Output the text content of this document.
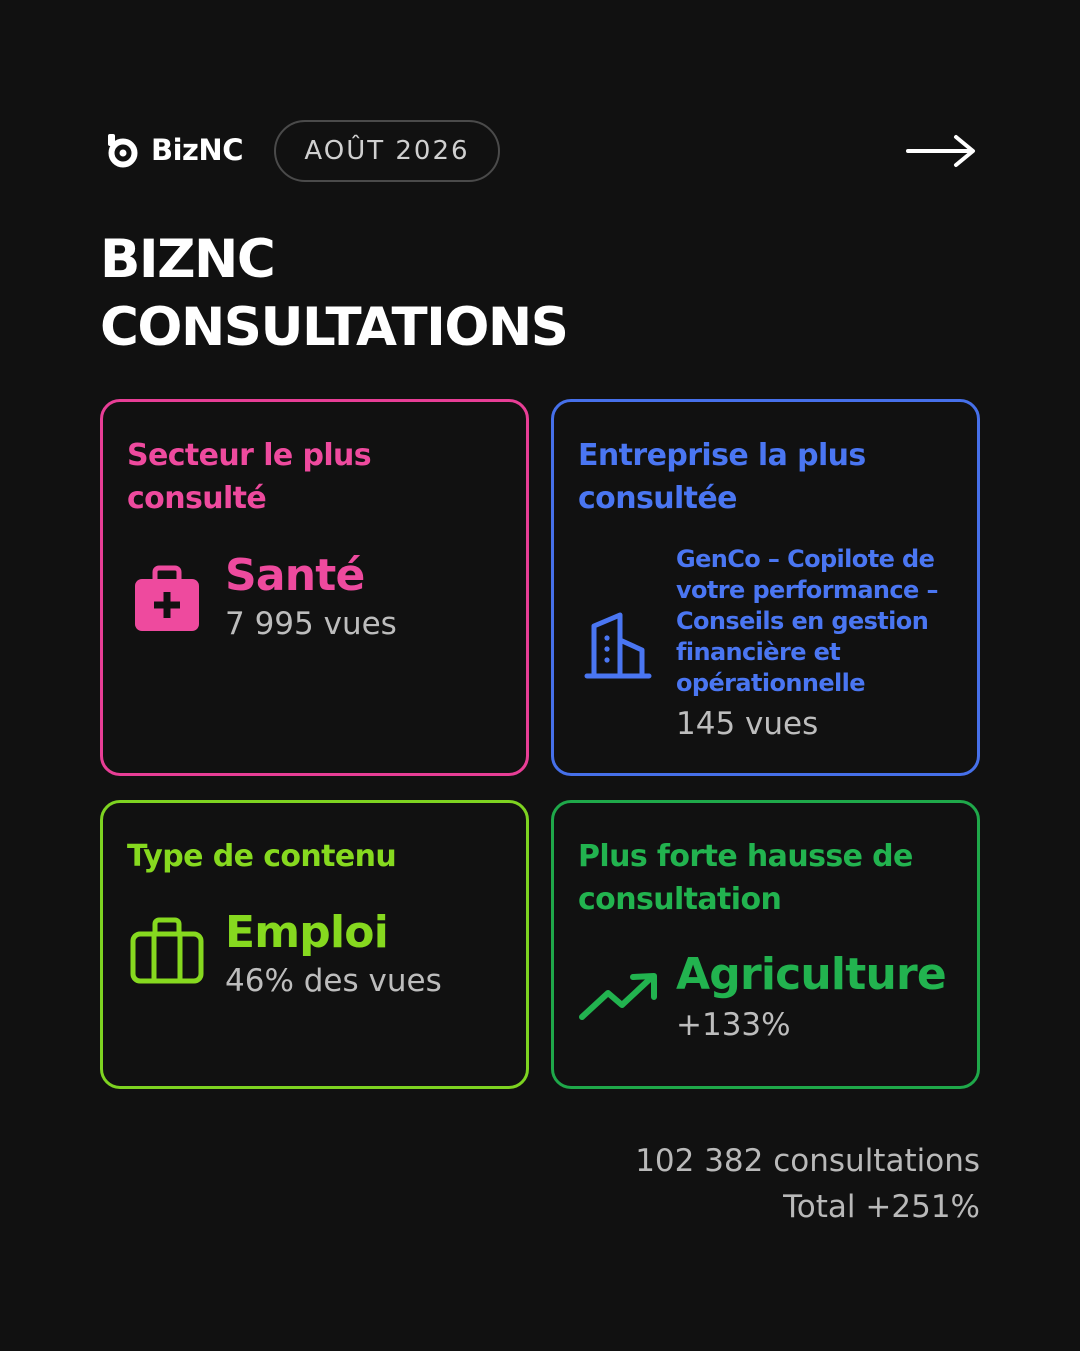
BizNC	AOÛT 2026
BIZNC
CONSULTATIONS

Secteur le plus consulté

Santé
7 995 vues

Entreprise la plus consultée

GenCo – Copilote de votre performance – Conseils en gestion financière et opérationnelle
145 vues

Type de contenu

Emploi
46% des vues

Plus forte hausse de consultation

Agriculture
+133%
102 382 consultations
Total +251%
